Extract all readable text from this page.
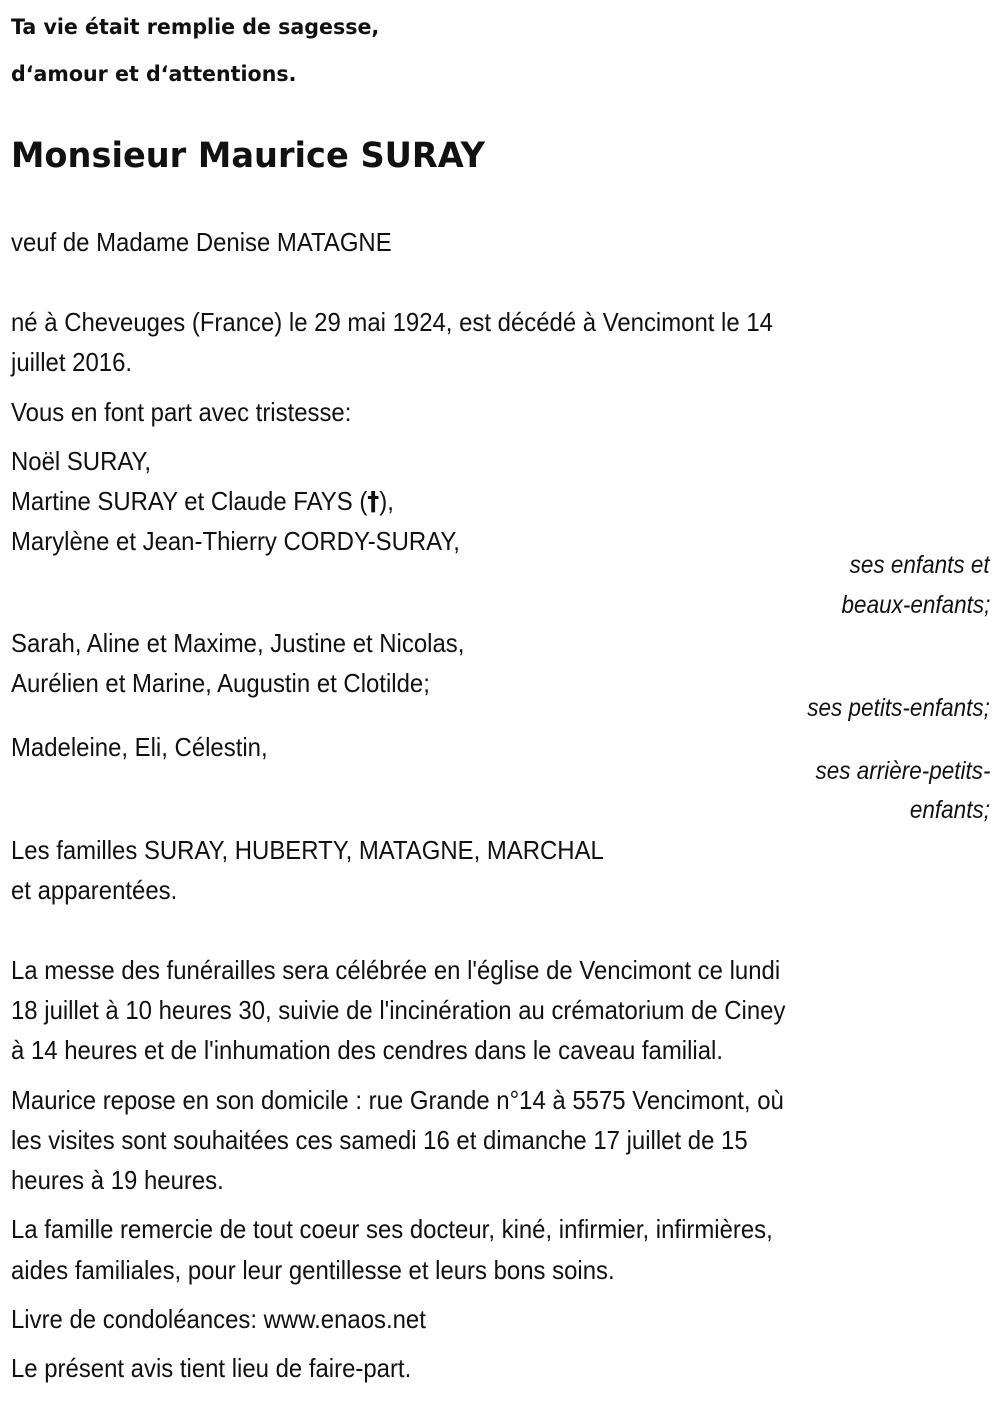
Ta vie était remplie de sagesse,
d‘amour et d‘attentions.
Monsieur Maurice SURAY
veuf de Madame Denise MATAGNE
né à Cheveuges (France) le 29 mai 1924, est décédé à Vencimont le 14
juillet 2016.
Vous en font part avec tristesse:
Noël SURAY,
Martine SURAY et Claude FAYS (†),
Marylène et Jean-Thierry CORDY-SURAY,
ses enfants et
beaux-enfants;
Sarah, Aline et Maxime, Justine et Nicolas,
Aurélien et Marine, Augustin et Clotilde;
ses petits-enfants;
Madeleine, Eli, Célestin,
ses arrière-petits-
enfants;
Les familles SURAY, HUBERTY, MATAGNE, MARCHAL
et apparentées.
La messe des funérailles sera célébrée en l'église de Vencimont ce lundi
18 juillet à 10 heures 30, suivie de l'incinération au crématorium de Ciney
à 14 heures et de l'inhumation des cendres dans le caveau familial.
Maurice repose en son domicile : rue Grande n°14 à 5575 Vencimont, où
les visites sont souhaitées ces samedi 16 et dimanche 17 juillet de 15
heures à 19 heures.
La famille remercie de tout coeur ses docteur, kiné, infirmier, infirmières,
aides familiales, pour leur gentillesse et leurs bons soins.
Livre de condoléances: www.enaos.net
Le présent avis tient lieu de faire-part.
